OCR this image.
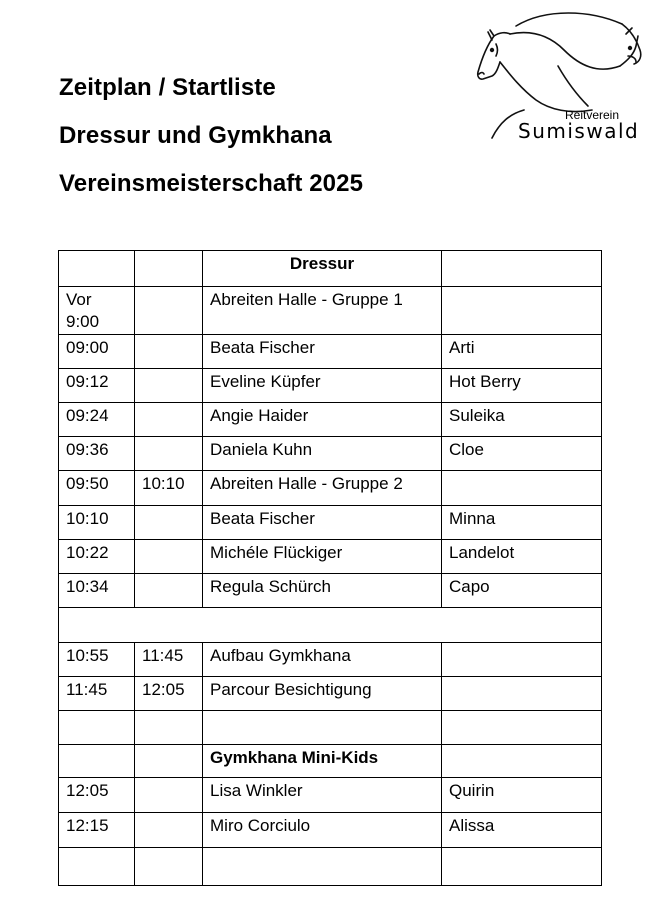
Zeitplan / Startliste
Dressur und Gymkhana
Vereinsmeisterschaft 2025
Reitverein
Sumiswald
		Dressur	
Vor 9:00		Abreiten Halle - Gruppe 1	
09:00		Beata Fischer	Arti
09:12		Eveline Küpfer	Hot Berry
09:24		Angie Haider	Suleika
09:36		Daniela Kuhn	Cloe
09:50	10:10	Abreiten Halle - Gruppe 2	
10:10		Beata Fischer	Minna
10:22		Michéle Flückiger	Landelot
10:34		Regula Schürch	Capo

10:55	11:45	Aufbau Gymkhana	
11:45	12:05	Parcour Besichtigung	

		Gymkhana Mini-Kids	
12:05		Lisa Winkler	Quirin
12:15		Miro Corciulo	Alissa
